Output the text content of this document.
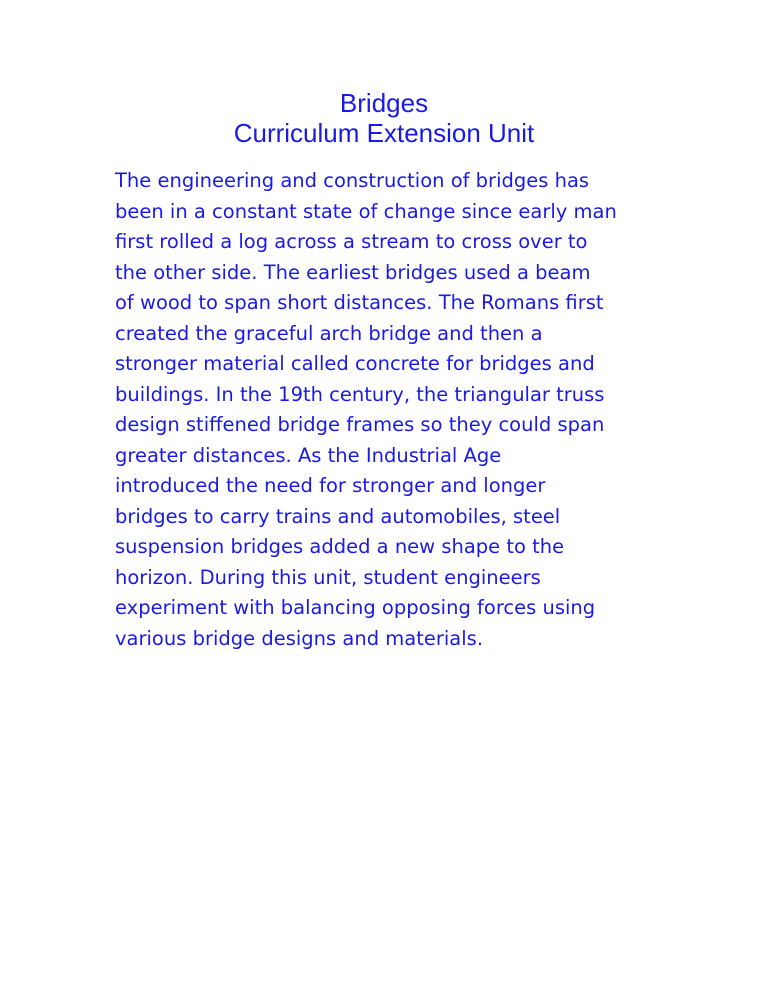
Bridges
Curriculum Extension Unit
The engineering and construction of bridges has
been in a constant state of change since early man
first rolled a log across a stream to cross over to
the other side. The earliest bridges used a beam
of wood to span short distances. The Romans first
created the graceful arch bridge and then a
stronger material called concrete for bridges and
buildings. In the 19th century, the triangular truss
design stiffened bridge frames so they could span
greater distances. As the Industrial Age
introduced the need for stronger and longer
bridges to carry trains and automobiles, steel
suspension bridges added a new shape to the
horizon. During this unit, student engineers
experiment with balancing opposing forces using
various bridge designs and materials.
